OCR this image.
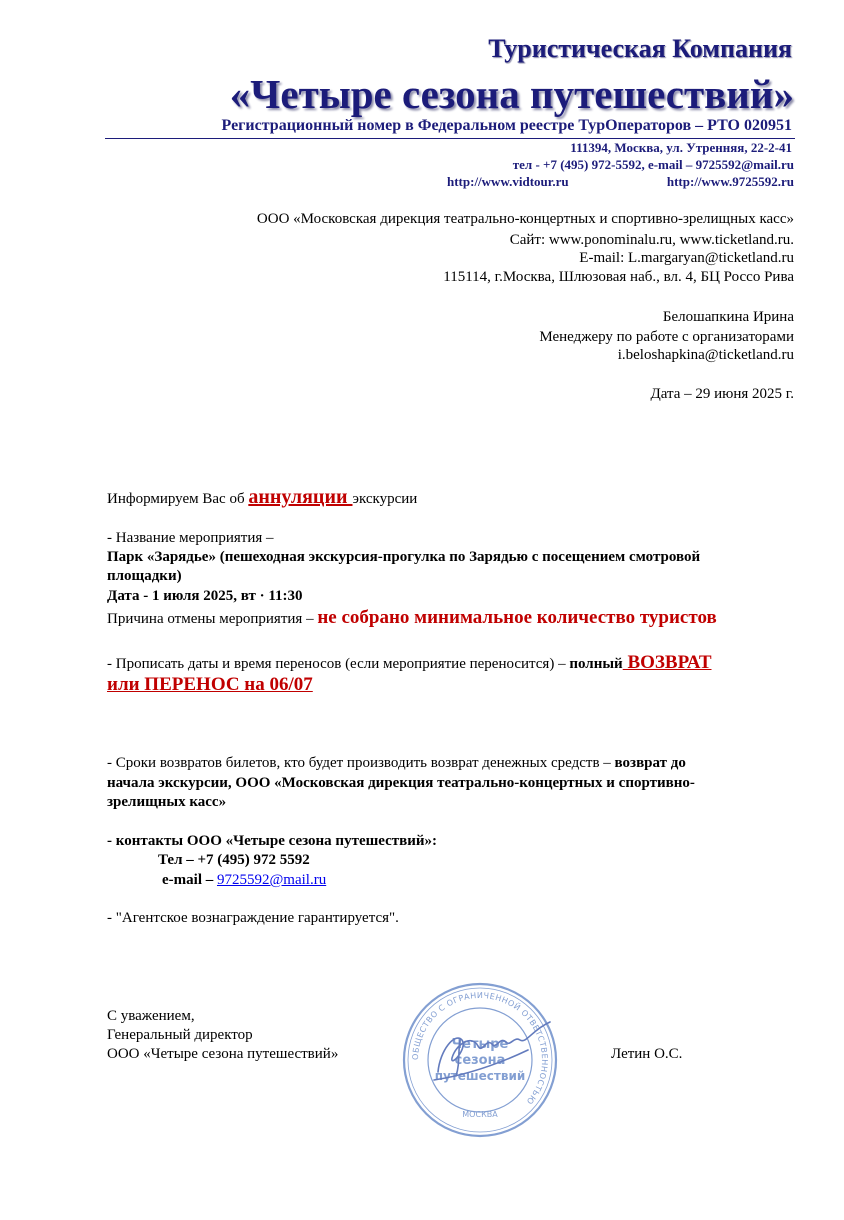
Туристическая Компания
«Четыре сезона путешествий»
Регистрационный номер в Федеральном реестре ТурОператоров – РТО 020951
111394, Москва, ул. Утренняя, 22-2-41
тел - +7 (495) 972-5592, e-mail – 9725592@mail.ru
http://www.vidtour.ru	http://www.9725592.ru
ООО «Московская дирекция театрально-концертных и спортивно-зрелищных касс»
Сайт: www.ponominalu.ru, www.ticketland.ru.
E-mail: L.margaryan@ticketland.ru
115114, г.Москва, Шлюзовая наб., вл. 4, БЦ Россо Рива
Белошапкина Ирина
Менеджеру по работе с организаторами
i.beloshapkina@ticketland.ru
Дата – 29 июня 2025 г.
Информируем Вас об аннуляции экскурсии
- Название мероприятия –
Парк «Зарядье» (пешеходная экскурсия-прогулка по Зарядью с посещением смотровой
площадки)
Дата - 1 июля 2025, вт · 11:30
Причина отмены мероприятия – не собрано минимальное количество туристов
- Прописать даты и время переносов (если мероприятие переносится) – полный ВОЗВРАТ
или ПЕРЕНОС на 06/07
- Сроки возвратов билетов, кто будет производить возврат денежных средств – возврат до
начала экскурсии, ООО «Московская дирекция театрально-концертных и спортивно-
зрелищных касс»
- контакты ООО «Четыре сезона путешествий»:
Тел – +7 (495) 972 5592
e-mail – 9725592@mail.ru
- "Агентское вознаграждение гарантируется".
С уважением,
Генеральный директор
ООО «Четыре сезона путешествий»	Летин О.С.
ОБЩЕСТВО С ОГРАНИЧЕННОЙ ОТВЕТСТВЕННОСТЬЮ
Четыре
сезона
путешествий
МОСКВА
